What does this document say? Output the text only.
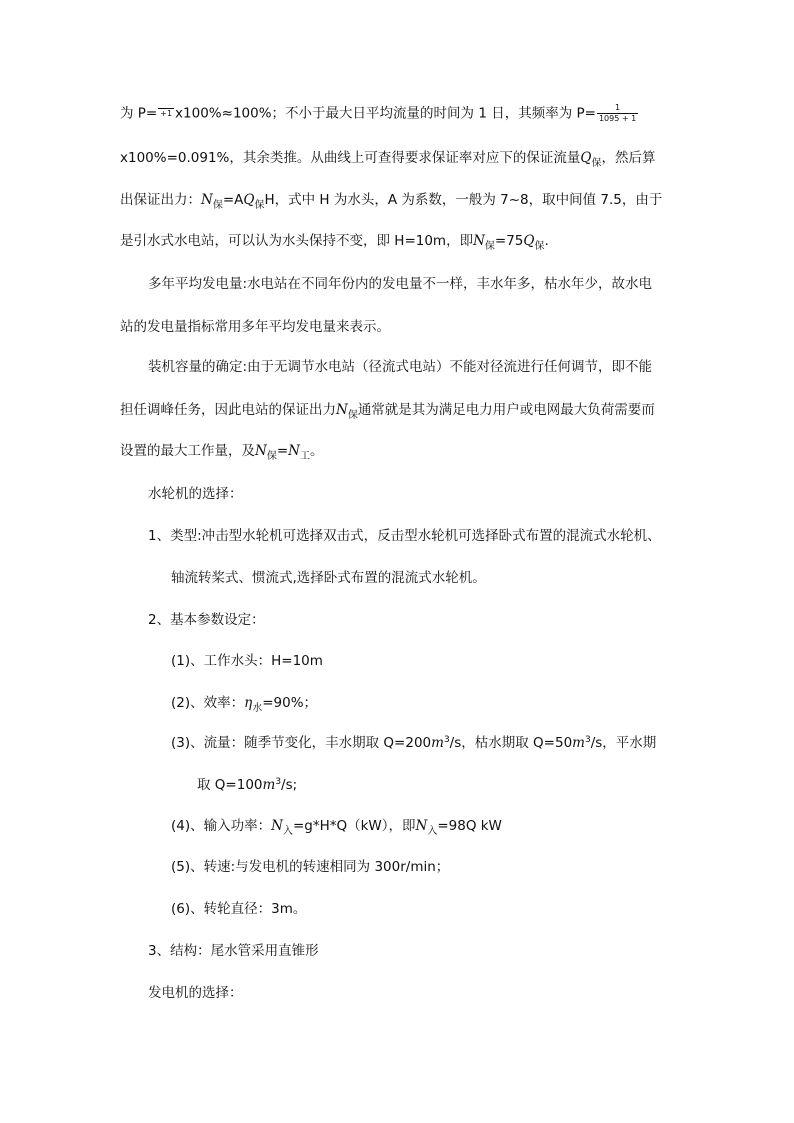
为 P= +1 x100%≈100%；不小于最大日平均流量的时间为 1 日，其频率为 $P= \frac{1}{1095 + 1}$
x100%=0.091%，其余类推。从曲线上可查得要求保证率对应下的保证流量$Q_保$，然后算
出保证出力：$N_保=AQ_保H$，式中 H 为水头，A 为系数，一般为 7~8，取中间值 7.5，由于
是引水式水电站，可以认为水头保持不变，即 H=10m，即$N_保=75Q_保$.
多年平均发电量:水电站在不同年份内的发电量不一样，丰水年多，枯水年少，故水电
站的发电量指标常用多年平均发电量来表示。
装机容量的确定:由于无调节水电站（径流式电站）不能对径流进行任何调节，即不能
担任调峰任务，因此电站的保证出力$N_保$通常就是其为满足电力用户或电网最大负荷需要而
设置的最大工作量，及$N_保=N_工$。
水轮机的选择：
1、类型:冲击型水轮机可选择双击式，反击型水轮机可选择卧式布置的混流式水轮机、
轴流转桨式、惯流式,选择卧式布置的混流式水轮机。
2、基本参数设定：
(1)、工作水头：H=10m
(2)、效率：$\eta_水=90\%$；
(3)、流量：随季节变化，丰水期取 $Q=200m^3/s$，枯水期取 $Q=50m^3/s$，平水期
取 $Q=100m^3/s$;
(4)、输入功率：$N_入=g*H*Q(kW)$，即$N_入=98Q$ kW
(5)、转速:与发电机的转速相同为 300r/min；
(6)、转轮直径：3m。
3、结构：尾水管采用直锥形
发电机的选择：
